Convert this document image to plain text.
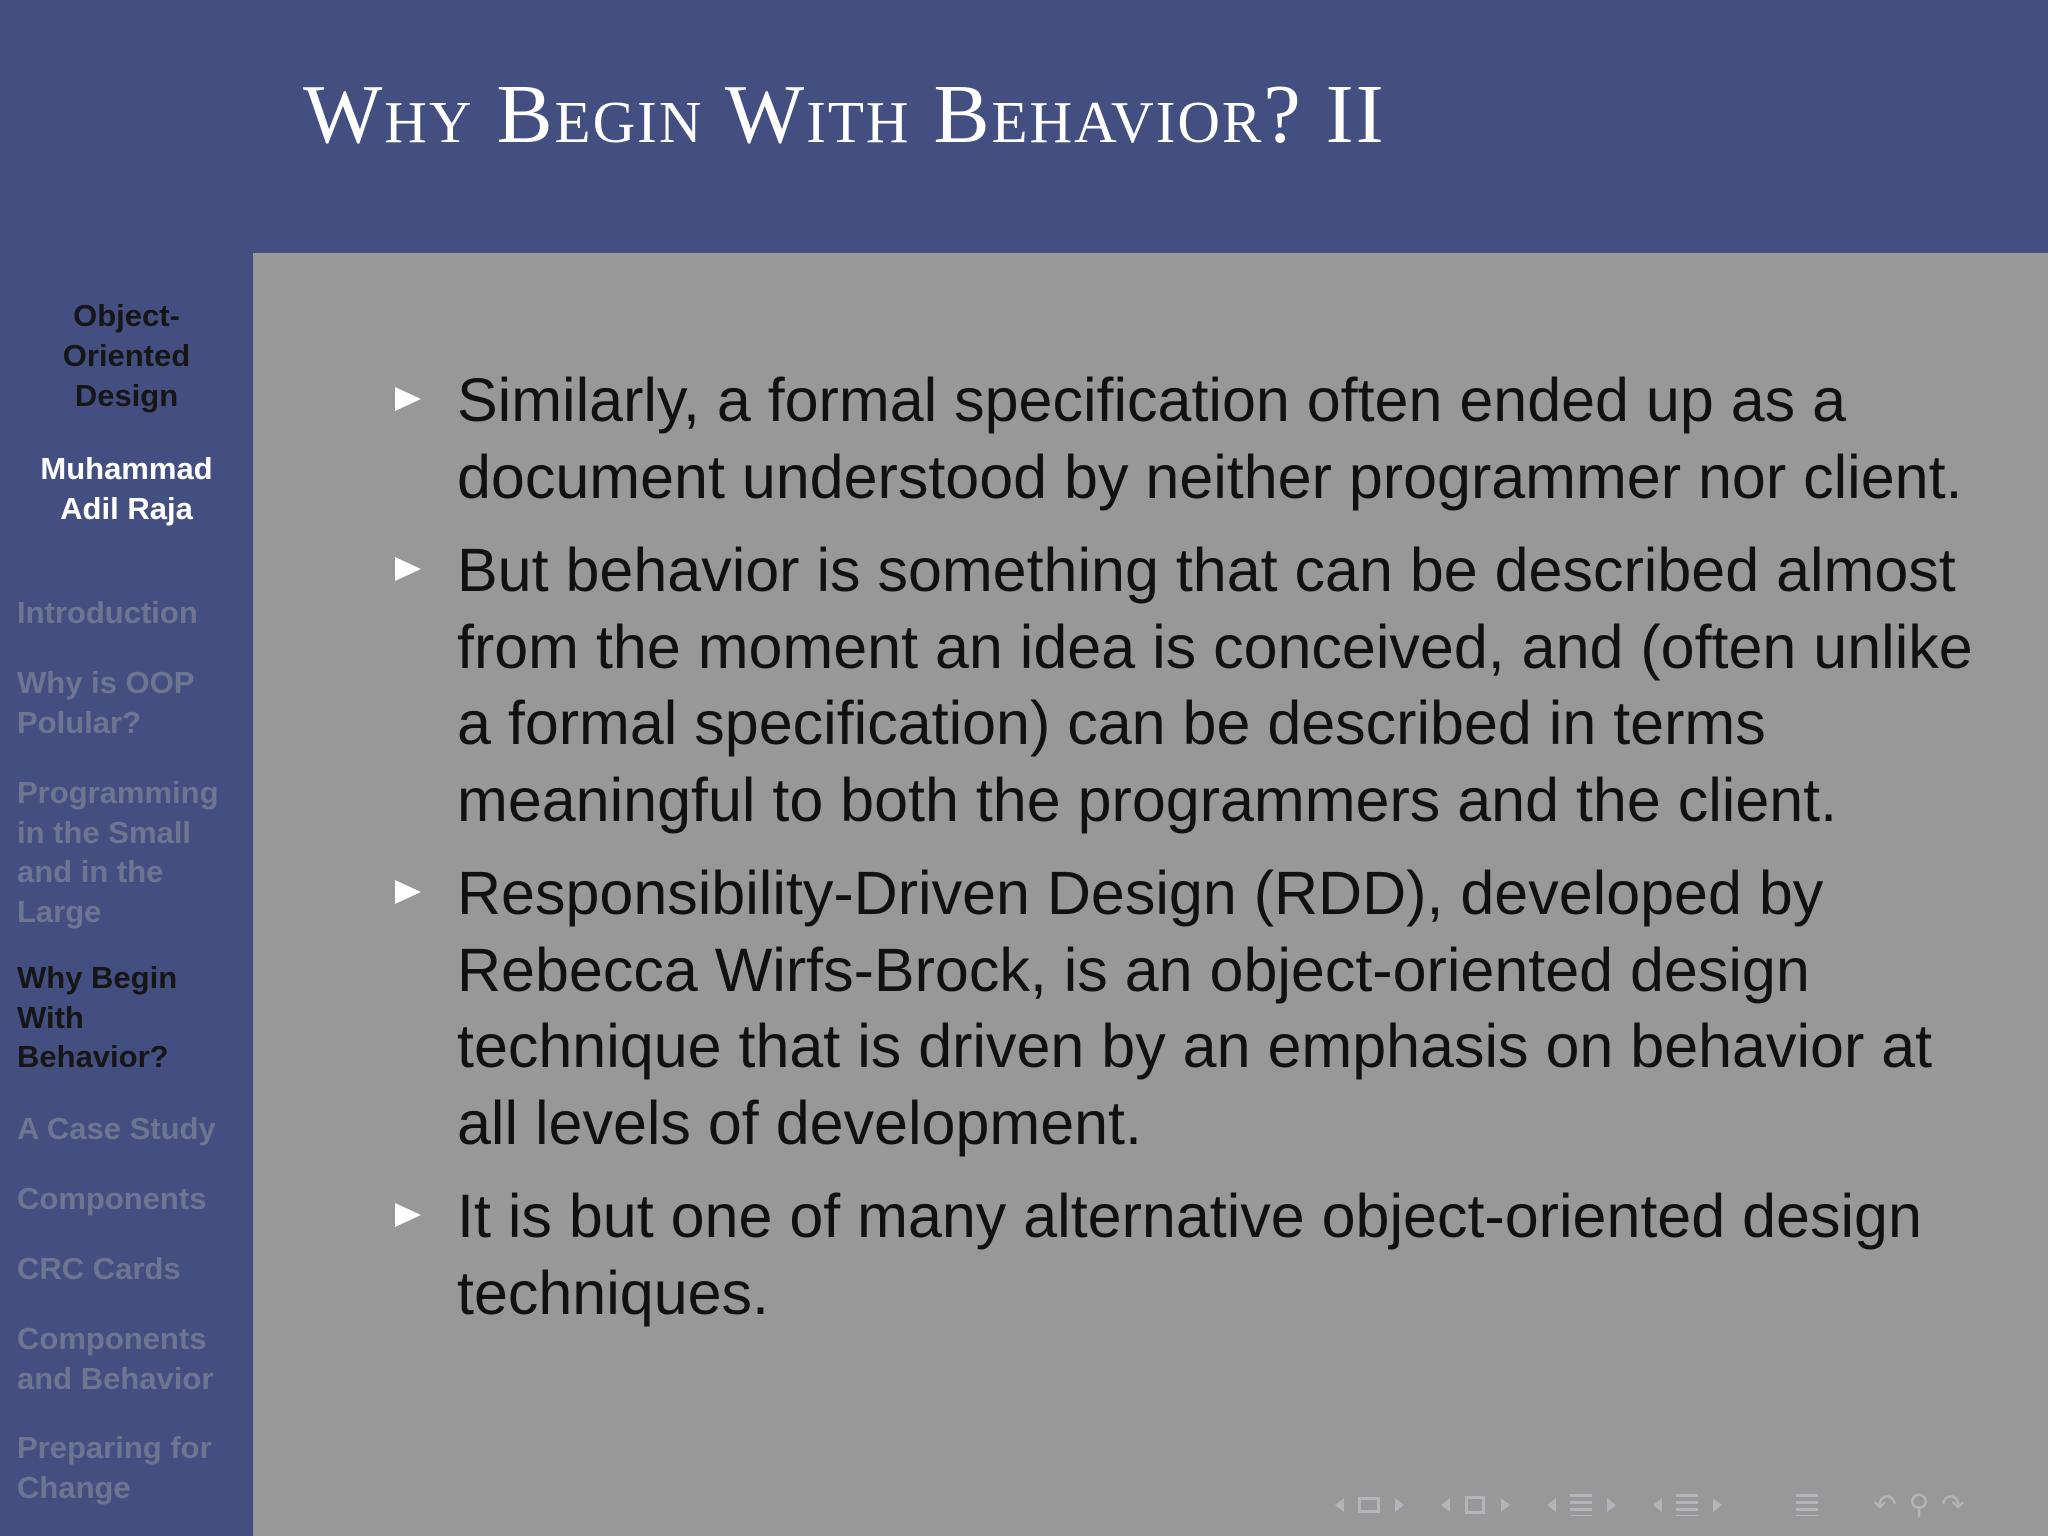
Why Begin With Behavior? II
Object-Oriented Design
Muhammad Adil Raja
Introduction
Why is OOP Polular?
Programming in the Small and in the Large
Why Begin With Behavior?
A Case Study
Components
CRC Cards
Components and Behavior
Preparing for Change
Similarly, a formal specification often ended up as a document understood by neither programmer nor client.
But behavior is something that can be described almost from the moment an idea is conceived, and (often unlike a formal specification) can be described in terms meaningful to both the programmers and the client.
Responsibility-Driven Design (RDD), developed by Rebecca Wirfs-Brock, is an object-oriented design technique that is driven by an emphasis on behavior at all levels of development.
It is but one of many alternative object-oriented design techniques.
↶ ⚲ ↷
